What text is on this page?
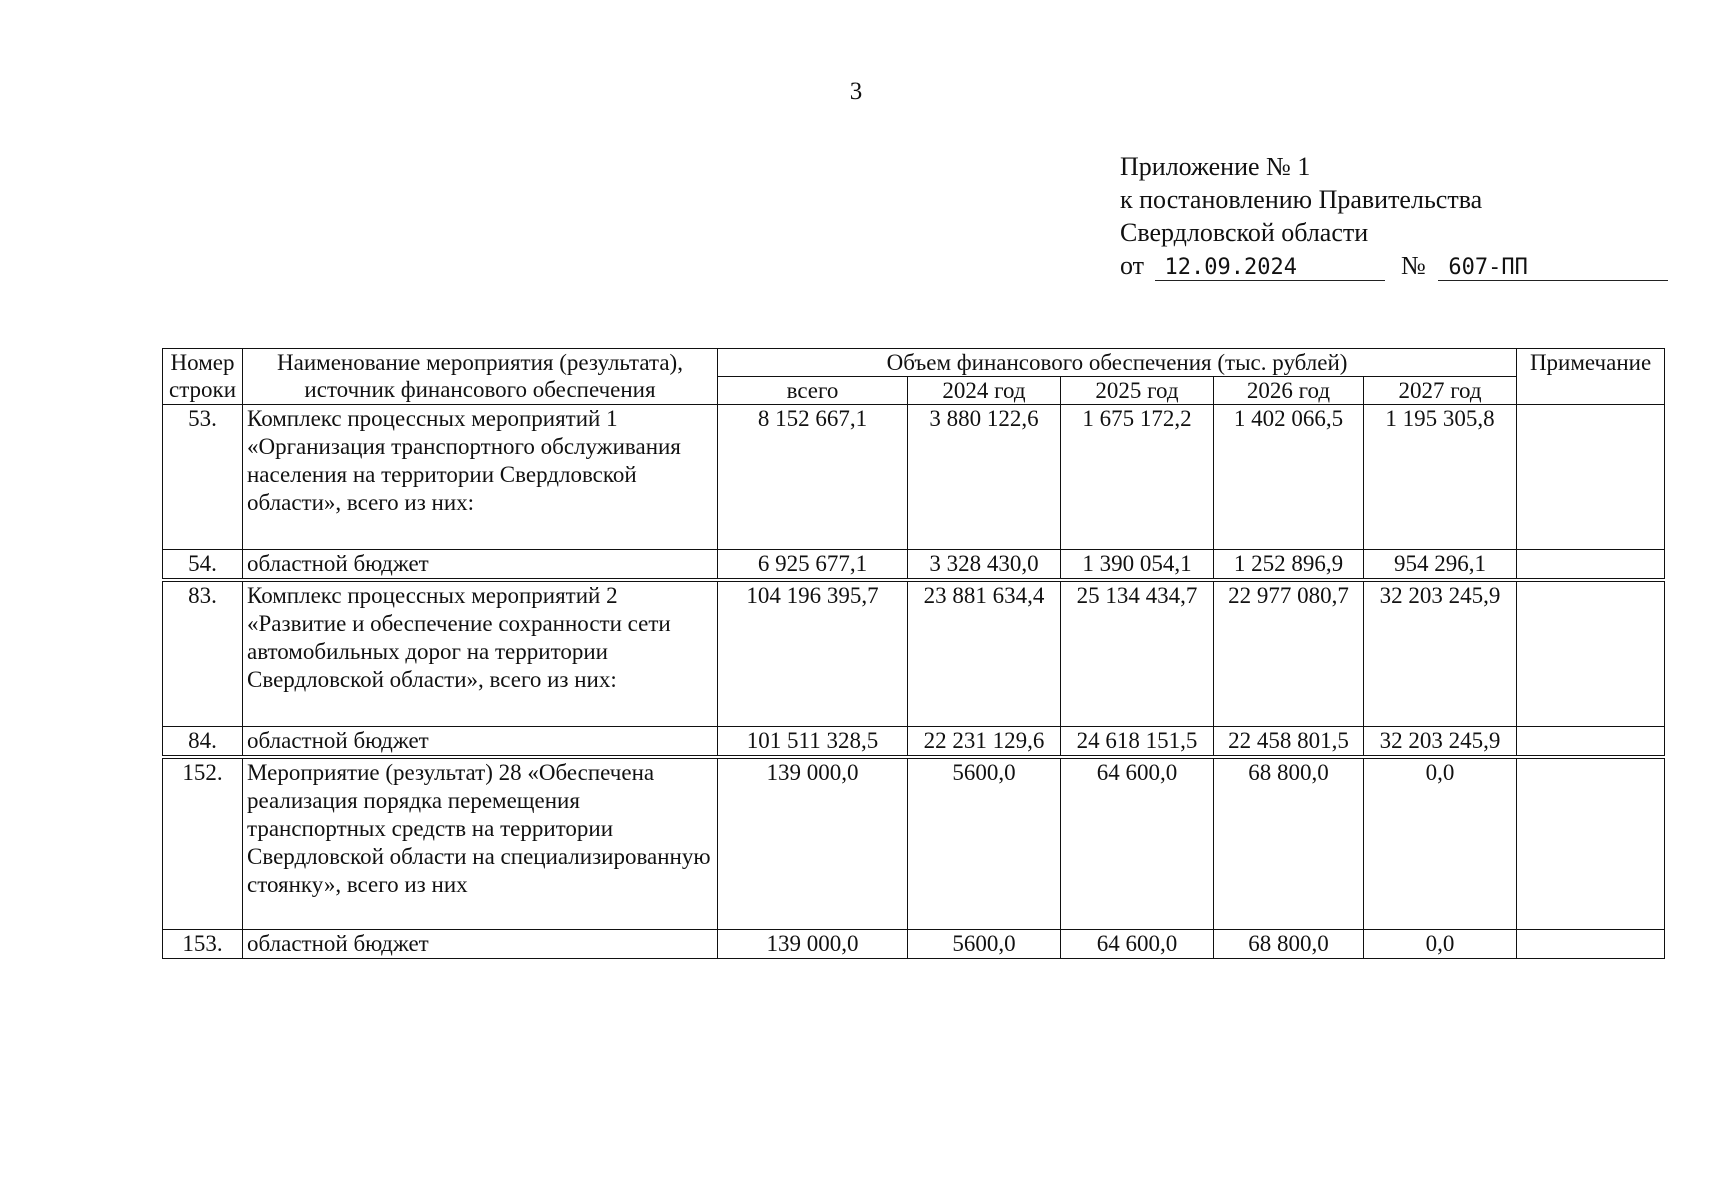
3
Приложение № 1
к постановлению Правительства
Свердловской области
от 12.09.2024	№ 607-ПП
Номер строки	Наименование мероприятия (результата), источник финансового обеспечения	Объем финансового обеспечения (тыс. рублей)					Примечание
		всего	2024 год	2025 год	2026 год	2027 год	
53.	Комплекс процессных мероприятий 1 «Организация транспортного обслуживания населения на территории Свердловской области», всего из них:	8 152 667,1	3 880 122,6	1 675 172,2	1 402 066,5	1 195 305,8	
54.	областной бюджет	6 925 677,1	3 328 430,0	1 390 054,1	1 252 896,9	954 296,1	

83.	Комплекс процессных мероприятий 2 «Развитие и обеспечение сохранности сети автомобильных дорог на территории Свердловской области», всего из них:	104 196 395,7	23 881 634,4	25 134 434,7	22 977 080,7	32 203 245,9	
84.	областной бюджет	101 511 328,5	22 231 129,6	24 618 151,5	22 458 801,5	32 203 245,9	

152.	Мероприятие (результат) 28 «Обеспечена реализация порядка перемещения транспортных средств на территории Свердловской области на специализированную стоянку», всего из них	139 000,0	5600,0	64 600,0	68 800,0	0,0	
153.	областной бюджет	139 000,0	5600,0	64 600,0	68 800,0	0,0	
